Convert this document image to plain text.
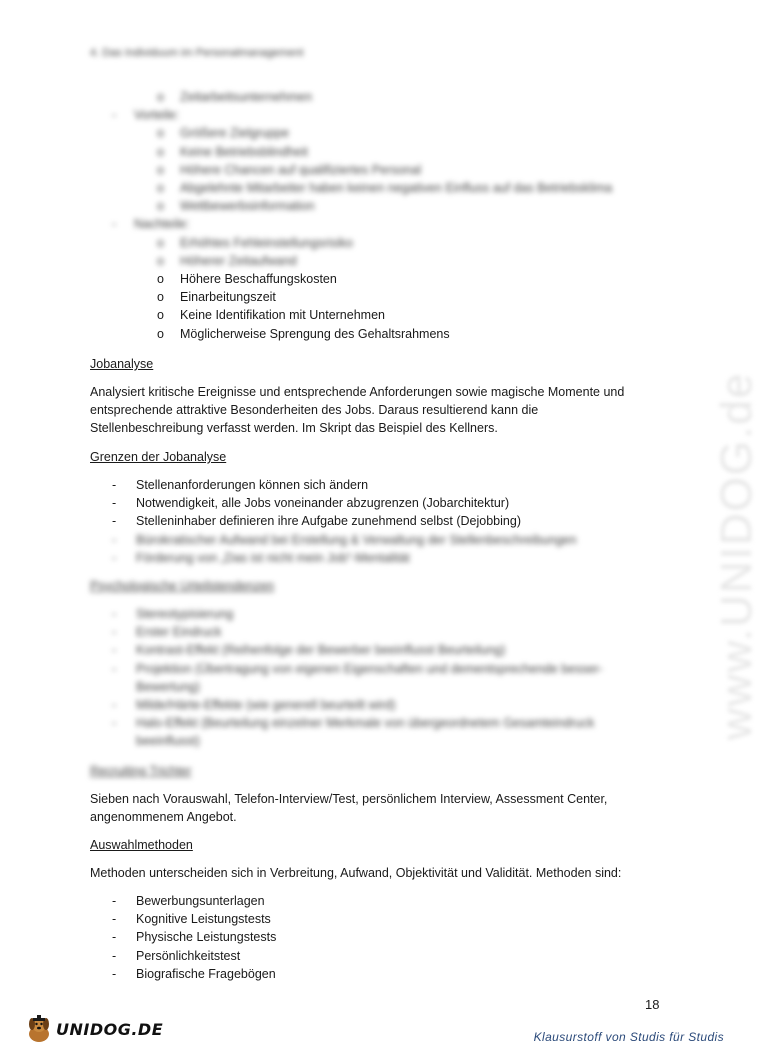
www.UNIDOG.de
4. Das Individuum im Personalmanagement
o Zeitarbeitsunternehmen
- Vorteile:
o Größere Zielgruppe
o Keine Betriebsblindheit
o Höhere Chancen auf qualifiziertes Personal
o Abgelehnte Mitarbeiter haben keinen negativen Einfluss auf das Betriebsklima
o Wettbewerbsinformation
- Nachteile:
o Erhöhtes Fehleinstellungsrisiko
o Höherer Zeitaufwand
o Höhere Beschaffungskosten
o Einarbeitungszeit
o Keine Identifikation mit Unternehmen
o Möglicherweise Sprengung des Gehaltsrahmens
Jobanalyse
Analysiert kritische Ereignisse und entsprechende Anforderungen sowie magische Momente und entsprechende attraktive Besonderheiten des Jobs. Daraus resultierend kann die Stellenbeschreibung verfasst werden. Im Skript das Beispiel des Kellners.
Grenzen der Jobanalyse
- Stellenanforderungen können sich ändern
- Notwendigkeit, alle Jobs voneinander abzugrenzen (Jobarchitektur)
- Stelleninhaber definieren ihre Aufgabe zunehmend selbst (Dejobbing)
- Bürokratischer Aufwand bei Erstellung & Verwaltung der Stellenbeschreibungen
- Förderung von „Das ist nicht mein Job“-Mentalität
Psychologische Urteilstendenzen
- Stereotypisierung
- Erster Eindruck
- Kontrast-Effekt (Reihenfolge der Bewerber beeinflusst Beurteilung)
- Projektion (Übertragung von eigenen Eigenschaften und dementsprechende besser-
Bewertung)
- Milde/Härte-Effekte (wie generell beurteilt wird)
- Halo-Effekt (Beurteilung einzelner Merkmale von übergeordnetem Gesamteindruck
beeinflusst)
Recruiting Trichter
Sieben nach Vorauswahl, Telefon-Interview/Test, persönlichem Interview, Assessment Center, angenommenem Angebot.
Auswahlmethoden
Methoden unterscheiden sich in Verbreitung, Aufwand, Objektivität und Validität. Methoden sind:
- Bewerbungsunterlagen
- Kognitive Leistungstests
- Physische Leistungstests
- Persönlichkeitstest
- Biografische Fragebögen
18
UNIDOG.DE	Klausurstoff von Studis für Studis
